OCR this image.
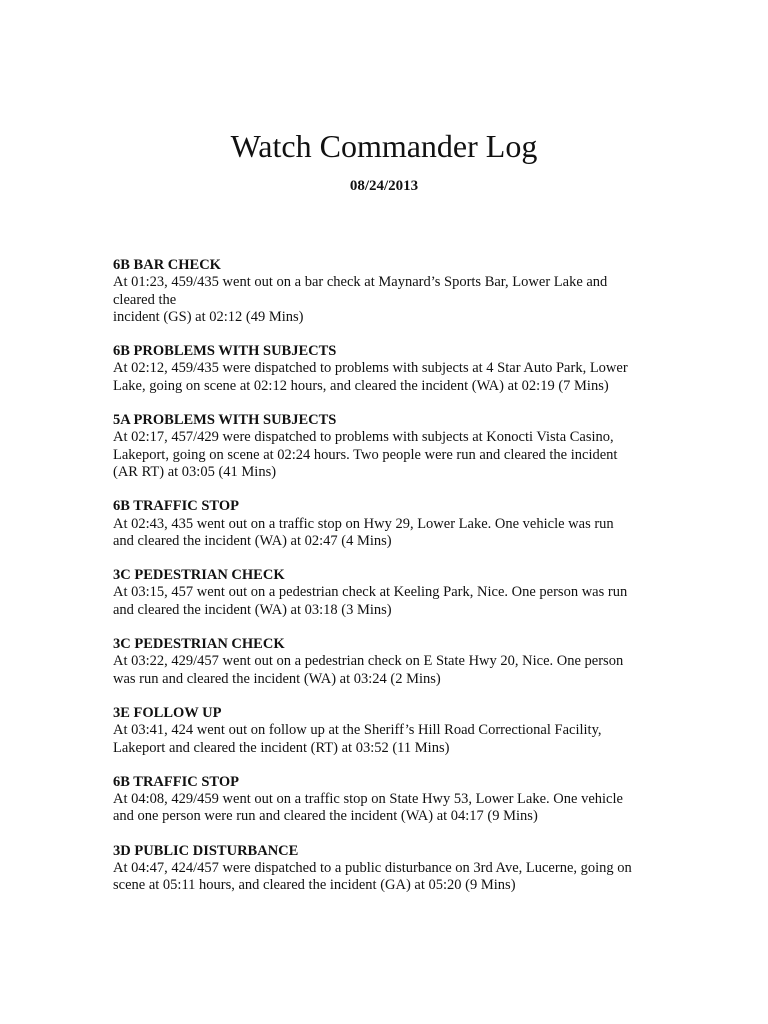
Watch Commander Log
08/24/2013
6B BAR CHECK
At 01:23, 459/435 went out on a bar check at Maynard’s Sports Bar, Lower Lake and
cleared the
incident (GS) at 02:12 (49 Mins)
6B PROBLEMS WITH SUBJECTS
At 02:12, 459/435 were dispatched to problems with subjects at 4 Star Auto Park, Lower
Lake, going on scene at 02:12 hours, and cleared the incident (WA) at 02:19 (7 Mins)
5A PROBLEMS WITH SUBJECTS
At 02:17, 457/429 were dispatched to problems with subjects at Konocti Vista Casino,
Lakeport, going on scene at 02:24 hours. Two people were run and cleared the incident
(AR RT) at 03:05 (41 Mins)
6B TRAFFIC STOP
At 02:43, 435 went out on a traffic stop on Hwy 29, Lower Lake. One vehicle was run
and cleared the incident (WA) at 02:47 (4 Mins)
3C PEDESTRIAN CHECK
At 03:15, 457 went out on a pedestrian check at Keeling Park, Nice. One person was run
and cleared the incident (WA) at 03:18 (3 Mins)
3C PEDESTRIAN CHECK
At 03:22, 429/457 went out on a pedestrian check on E State Hwy 20, Nice. One person
was run and cleared the incident (WA) at 03:24 (2 Mins)
3E FOLLOW UP
At 03:41, 424 went out on follow up at the Sheriff’s Hill Road Correctional Facility,
Lakeport and cleared the incident (RT) at 03:52 (11 Mins)
6B TRAFFIC STOP
At 04:08, 429/459 went out on a traffic stop on State Hwy 53, Lower Lake. One vehicle
and one person were run and cleared the incident (WA) at 04:17 (9 Mins)
3D PUBLIC DISTURBANCE
At 04:47, 424/457 were dispatched to a public disturbance on 3rd Ave, Lucerne, going on
scene at 05:11 hours, and cleared the incident (GA) at 05:20 (9 Mins)
